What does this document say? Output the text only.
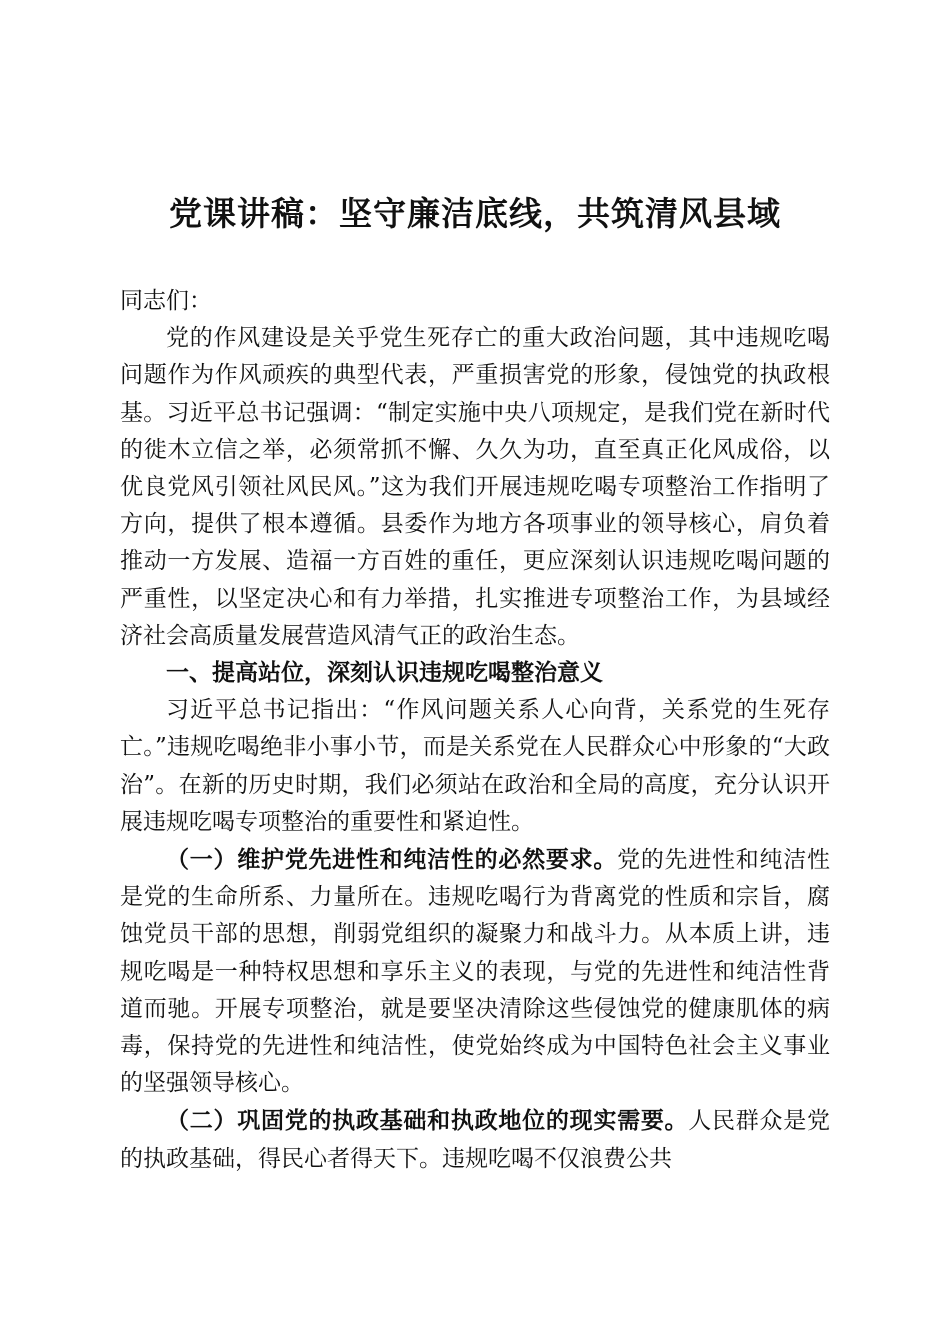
党课讲稿：坚守廉洁底线，共筑清风县域

同志们：

党的作风建设是关乎党生死存亡的重大政治问题，其中违规吃喝问题作为作风顽疾的典型代表，严重损害党的形象，侵蚀党的执政根基。习近平总书记强调：“制定实施中央八项规定，是我们党在新时代的徙木立信之举，必须常抓不懈、久久为功，直至真正化风成俗，以优良党风引领社风民风。”这为我们开展违规吃喝专项整治工作指明了方向，提供了根本遵循。县委作为地方各项事业的领导核心，肩负着推动一方发展、造福一方百姓的重任，更应深刻认识违规吃喝问题的严重性，以坚定决心和有力举措，扎实推进专项整治工作，为县域经济社会高质量发展营造风清气正的政治生态。

一、提高站位，深刻认识违规吃喝整治意义

习近平总书记指出：“作风问题关系人心向背，关系党的生死存亡。”违规吃喝绝非小事小节，而是关系党在人民群众心中形象的“大政治”。在新的历史时期，我们必须站在政治和全局的高度，充分认识开展违规吃喝专项整治的重要性和紧迫性。

（一）维护党先进性和纯洁性的必然要求。党的先进性和纯洁性是党的生命所系、力量所在。违规吃喝行为背离党的性质和宗旨，腐蚀党员干部的思想，削弱党组织的凝聚力和战斗力。从本质上讲，违规吃喝是一种特权思想和享乐主义的表现，与党的先进性和纯洁性背道而驰。开展专项整治，就是要坚决清除这些侵蚀党的健康肌体的病毒，保持党的先进性和纯洁性，使党始终成为中国特色社会主义事业的坚强领导核心。

（二）巩固党的执政基础和执政地位的现实需要。人民群众是党的执政基础，得民心者得天下。违规吃喝不仅浪费公共
